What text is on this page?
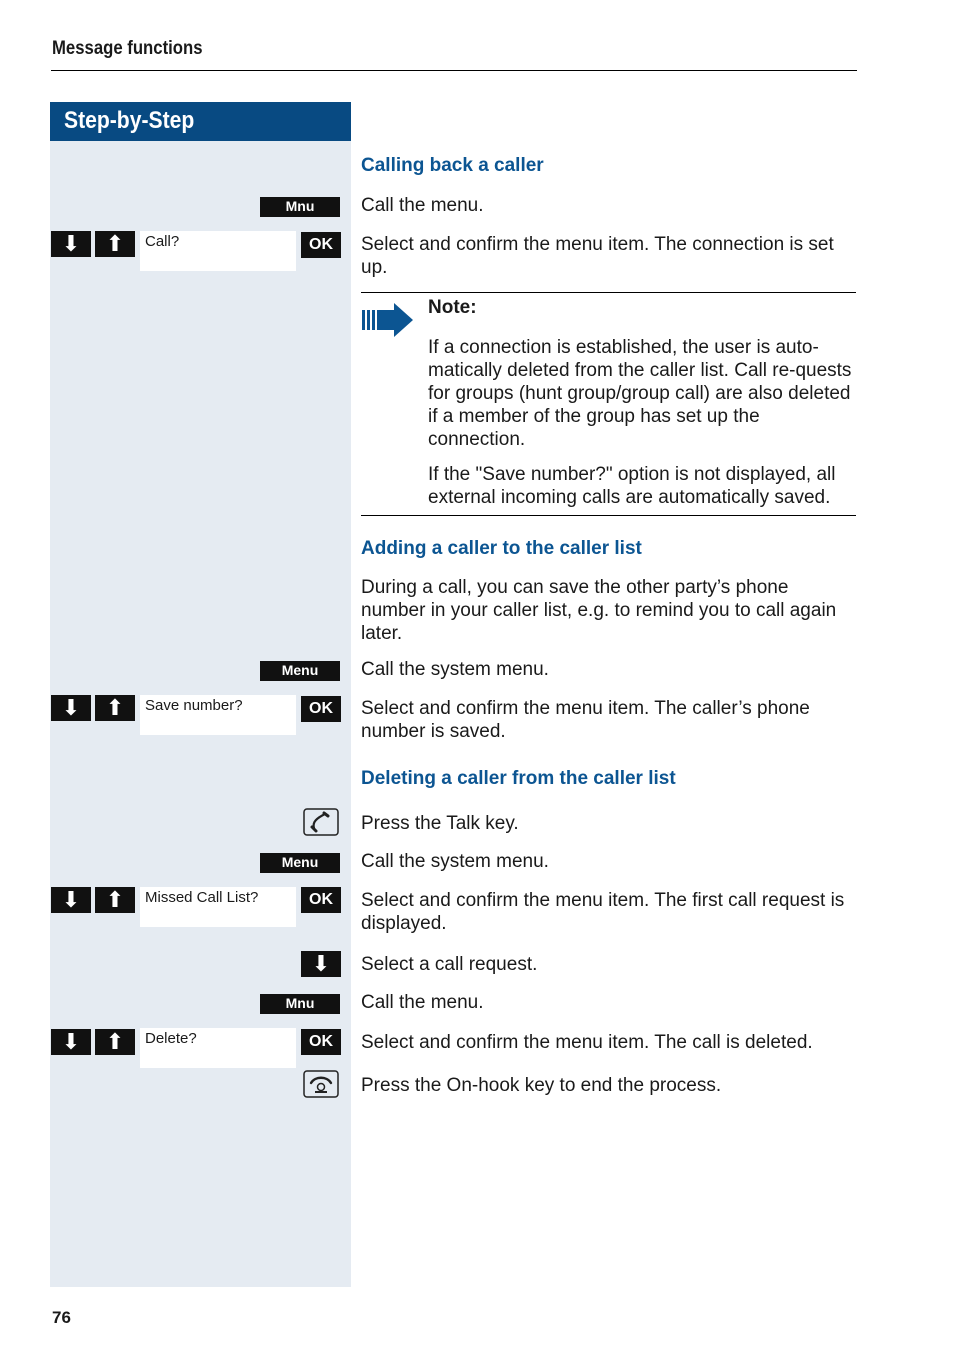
Message functions
Step-by-Step
Calling back a caller
Mnu	Call the menu.
⬇	⬆	Call?	OK	Select and confirm the menu item. The connection is set up.
Note:
If a connection is established, the user is auto-matically deleted from the caller list. Call re-quests for groups (hunt group/group call) are also deleted if a member of the group has set up the connection.
If the "Save number?" option is not displayed, all external incoming calls are automatically saved.
Adding a caller to the caller list
During a call, you can save the other party’s phone number in your caller list, e.g. to remind you to call again later.
Menu	Call the system menu.
⬇	⬆	Save number?	OK	Select and confirm the menu item. The caller’s phone number is saved.
Deleting a caller from the caller list
Press the Talk key.
Menu	Call the system menu.
⬇	⬆	Missed Call List?	OK	Select and confirm the menu item. The first call request is displayed.
⬇	Select a call request.
Mnu	Call the menu.
⬇	⬆	Delete?	OK	Select and confirm the menu item. The call is deleted.
Press the On-hook key to end the process.
76
